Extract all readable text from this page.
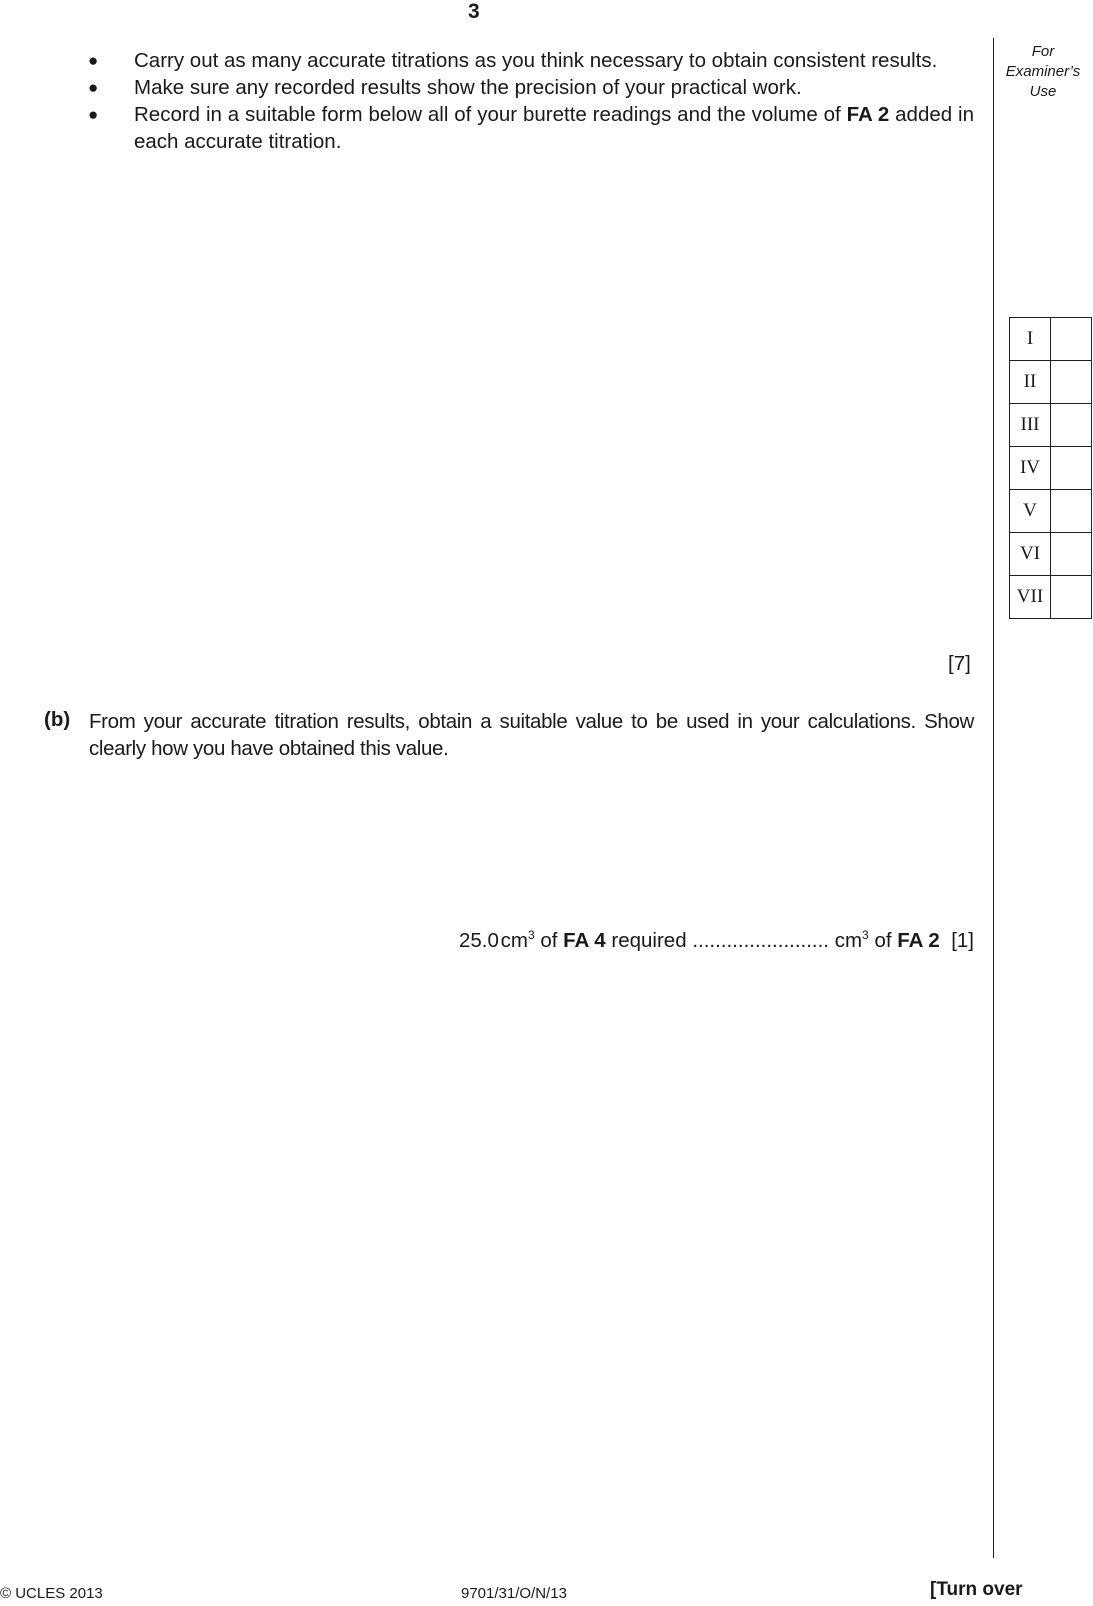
3
For
Examiner’s
Use
● Carry out as many accurate titrations as you think necessary to obtain consistent results.
● Make sure any recorded results show the precision of your practical work.
● Record in a suitable form below all of your burette readings and the volume of FA 2 added in each accurate titration.
I	
II	
III	
IV	
V	
VI	
VII	
[7]
(b) From your accurate titration results, obtain a suitable value to be used in your calculations. Show clearly how you have obtained this value.
25.0 $cm^3$ of FA 4 required ........................ $cm^3$ of FA 2 [1]
© UCLES 2013	9701/31/O/N/13	[Turn over
